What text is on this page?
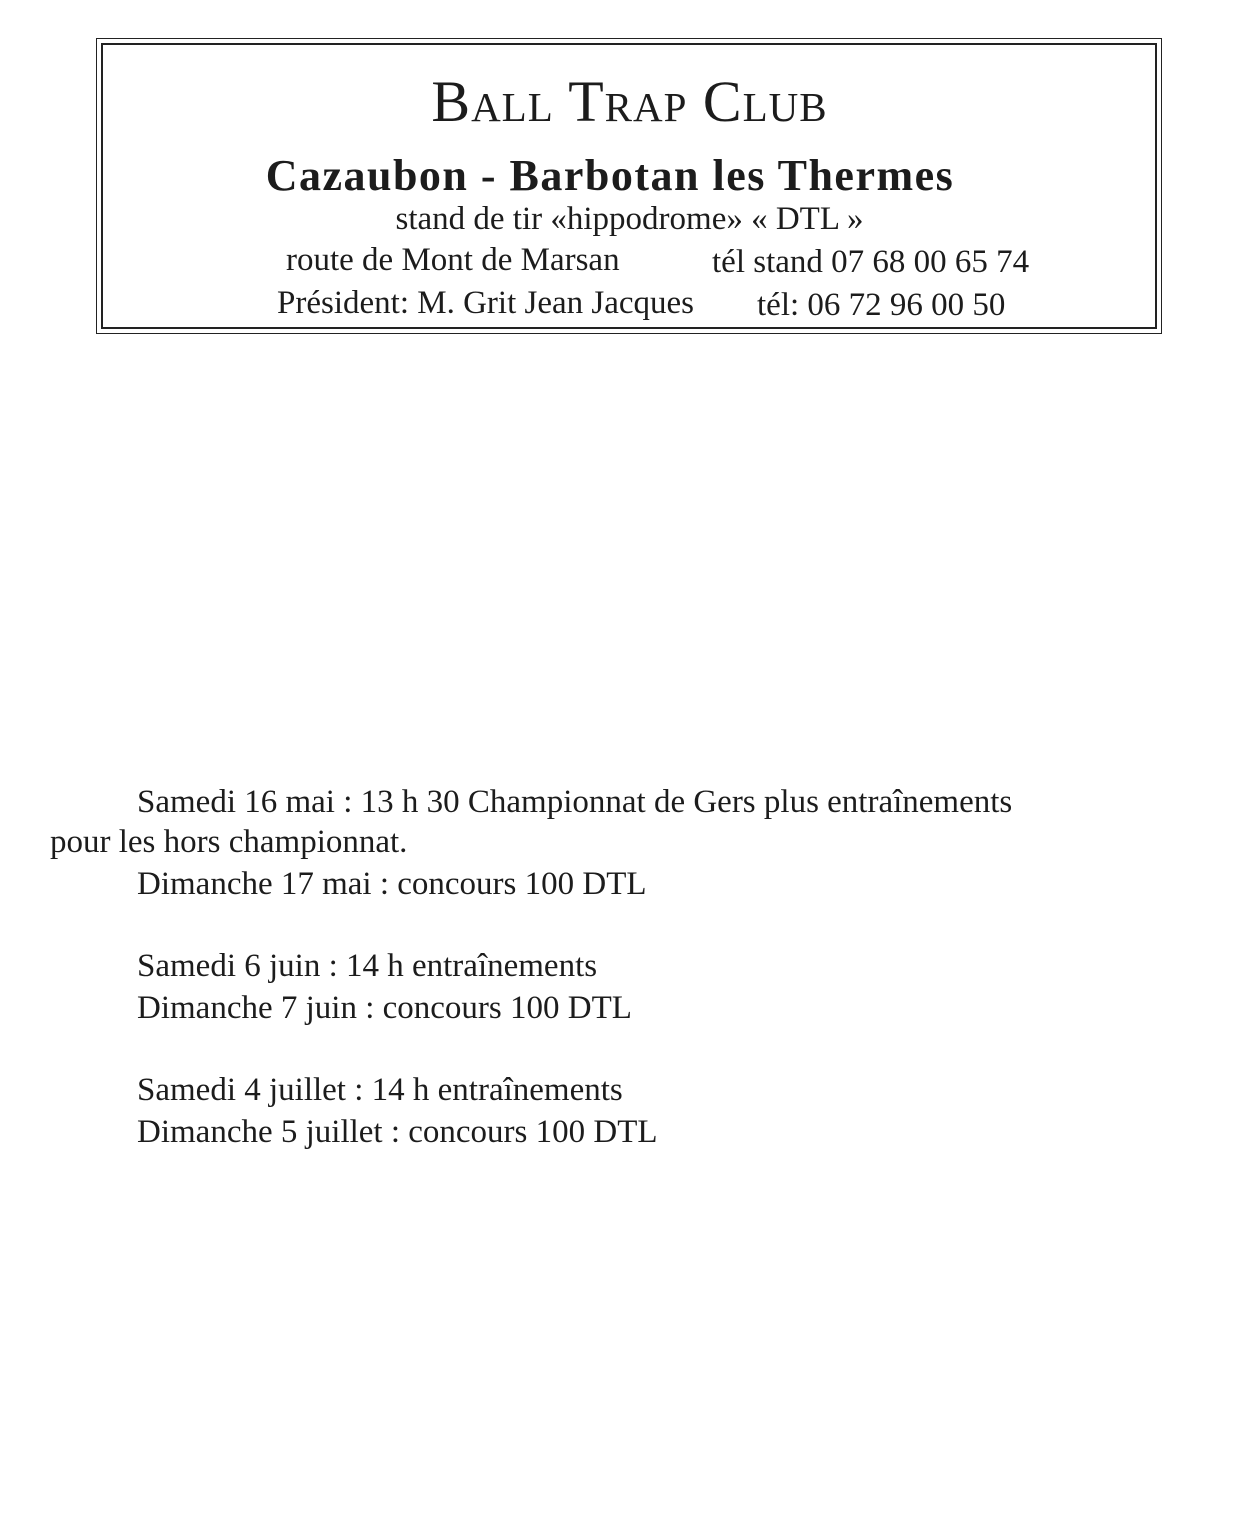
Ball Trap Club
Cazaubon - Barbotan les Thermes
stand de tir «hippodrome» « DTL »
route de Mont de Marsan	tél stand 07 68 00 65 74
Président: M. Grit Jean Jacques tél: 06 72 96 00 50
Samedi 16 mai : 13 h 30 Championnat de Gers plus entraînements
pour les hors championnat.
Dimanche 17 mai : concours 100 DTL
Samedi 6 juin : 14 h entraînements
Dimanche 7 juin : concours 100 DTL
Samedi 4 juillet : 14 h entraînements
Dimanche 5 juillet : concours 100 DTL
